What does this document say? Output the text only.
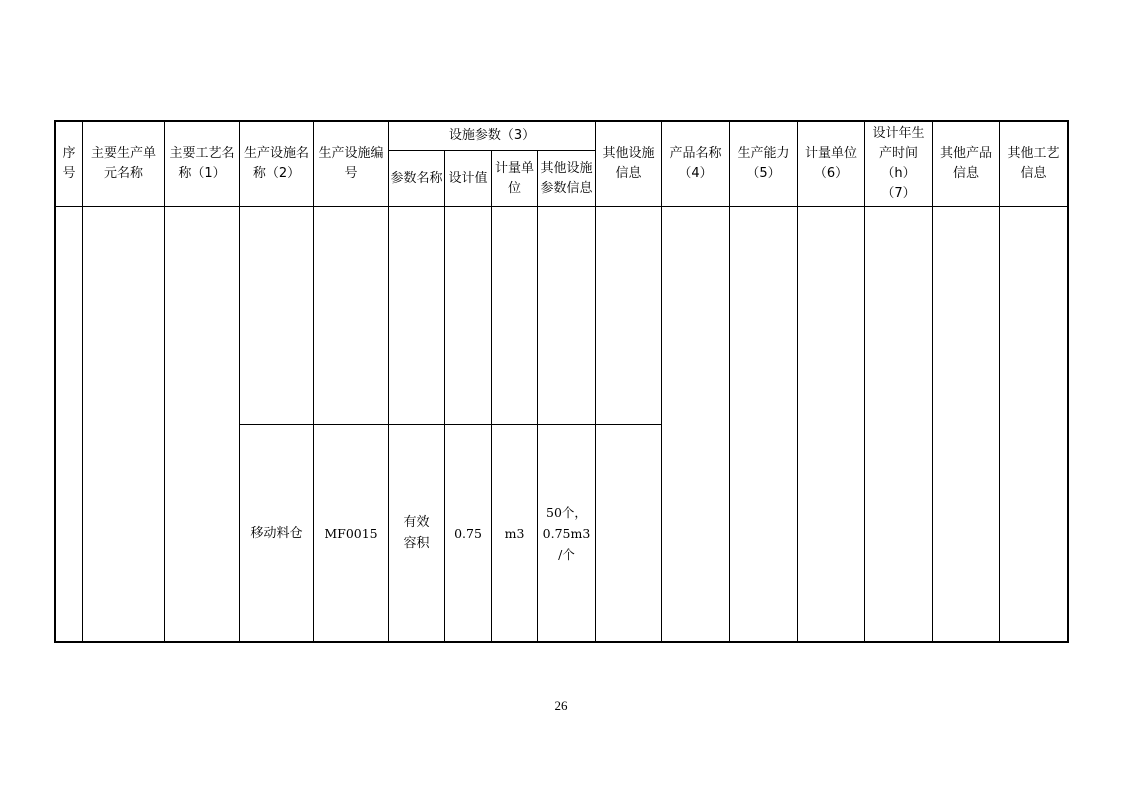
序
号
主要生产单
元名称
主要工艺名
称（1）
生产设施名
称（2）
生产设施编
号
设施参数（3）
参数名称 设计值
计量单
位
其他设施
参数信息
其他设施
信息
产品名称
（4）
生产能力
（5）
计量单位
（6）
设计年生
产时间（h）
（7）
其他产品
信息
其他工艺
信息
移动料仓	MF0015
有效
容积
0.75	m3
50个，
0.75m3
/个
26
